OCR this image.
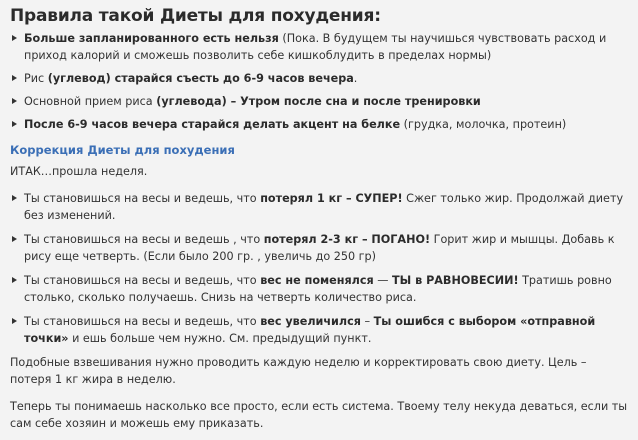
Правила такой Диеты для похудения:
Больше запланированного есть нельзя (Пока. В будущем ты научишься чувствовать расход и приход калорий и сможешь позволить себе кишкоблудить в пределах нормы)
Рис (углевод) старайся съесть до 6-9 часов вечера.
Основной прием риса (углевода) – Утром после сна и после тренировки
После 6-9 часов вечера старайся делать акцент на белке (грудка, молочка, протеин)
Коррекция Диеты для похудения

ИТАК…прошла неделя.

Ты становишься на весы и ведешь, что потерял 1 кг – СУПЕР! Сжег только жир. Продолжай диету без изменений.
Ты становишься на весы и ведешь , что потерял 2-3 кг – ПОГАНО! Горит жир и мышцы. Добавь к рису еще четверть. (Если было 200 гр. , увеличь до 250 гр)
Ты становишься на весы и ведешь, что вес не поменялся — ТЫ в РАВНОВЕСИИ! Тратишь ровно столько, сколько получаешь. Снизь на четверть количество риса.
Ты становишься на весы и ведешь, что вес увеличился – Ты ошибся с выбором «отправной точки» и ешь больше чем нужно. См. предыдущий пункт.

Подобные взвешивания нужно проводить каждую неделю и корректировать свою диету. Цель – потеря 1 кг жира в неделю.

Теперь ты понимаешь насколько все просто, если есть система. Твоему телу некуда деваться, если ты сам себе хозяин и можешь ему приказать.
